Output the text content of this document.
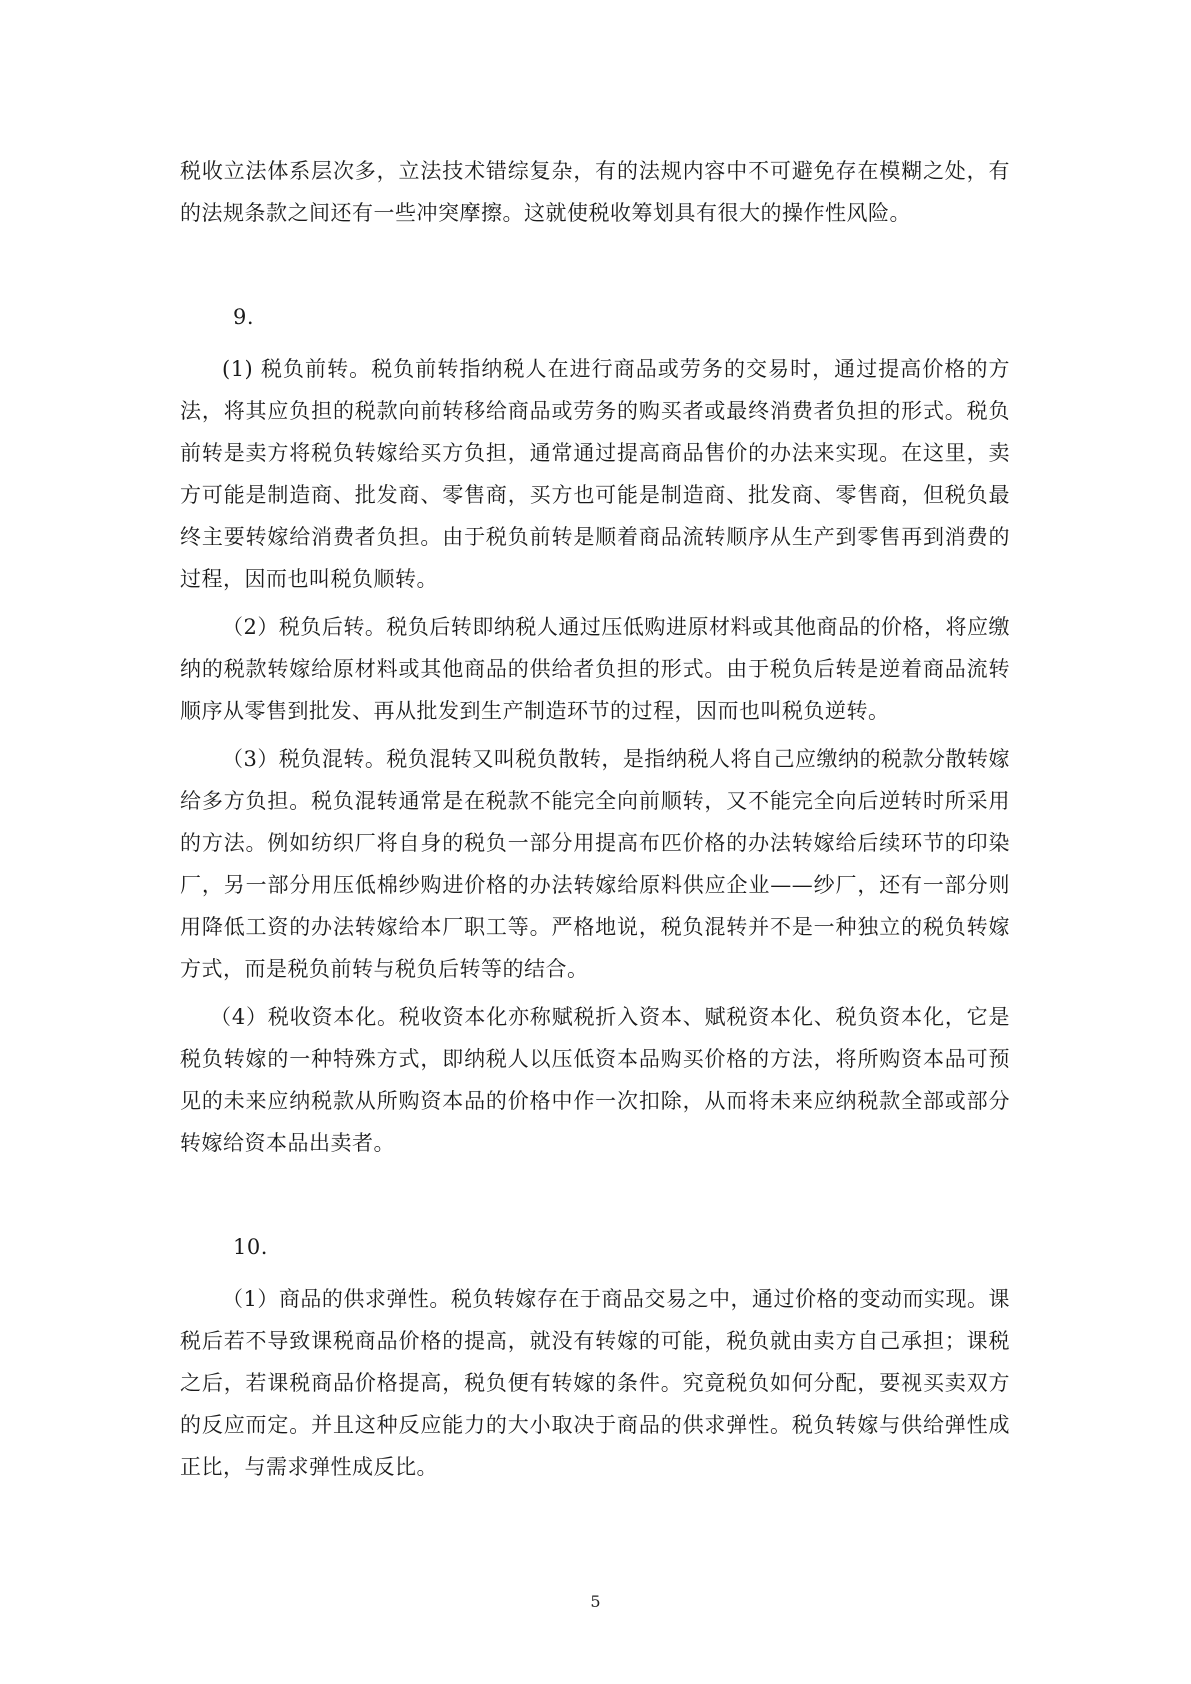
税收立法体系层次多，立法技术错综复杂，有的法规内容中不可避免存在模糊之处，有的法规条款之间还有一些冲突摩擦。这就使税收筹划具有很大的操作性风险。

9.

(1) 税负前转。税负前转指纳税人在进行商品或劳务的交易时，通过提高价格的方法，将其应负担的税款向前转移给商品或劳务的购买者或最终消费者负担的形式。税负前转是卖方将税负转嫁给买方负担，通常通过提高商品售价的办法来实现。在这里，卖方可能是制造商、批发商、零售商，买方也可能是制造商、批发商、零售商，但税负最终主要转嫁给消费者负担。由于税负前转是顺着商品流转顺序从生产到零售再到消费的过程，因而也叫税负顺转。

（2）税负后转。税负后转即纳税人通过压低购进原材料或其他商品的价格，将应缴纳的税款转嫁给原材料或其他商品的供给者负担的形式。由于税负后转是逆着商品流转顺序从零售到批发、再从批发到生产制造环节的过程，因而也叫税负逆转。

（3）税负混转。税负混转又叫税负散转，是指纳税人将自己应缴纳的税款分散转嫁给多方负担。税负混转通常是在税款不能完全向前顺转，又不能完全向后逆转时所采用的方法。例如纺织厂将自身的税负一部分用提高布匹价格的办法转嫁给后续环节的印染厂，另一部分用压低棉纱购进价格的办法转嫁给原料供应企业——纱厂，还有一部分则用降低工资的办法转嫁给本厂职工等。严格地说，税负混转并不是一种独立的税负转嫁方式，而是税负前转与税负后转等的结合。

（4）税收资本化。税收资本化亦称赋税折入资本、赋税资本化、税负资本化，它是税负转嫁的一种特殊方式，即纳税人以压低资本品购买价格的方法，将所购资本品可预见的未来应纳税款从所购资本品的价格中作一次扣除，从而将未来应纳税款全部或部分转嫁给资本品出卖者。

10.

（1）商品的供求弹性。税负转嫁存在于商品交易之中，通过价格的变动而实现。课税后若不导致课税商品价格的提高，就没有转嫁的可能，税负就由卖方自己承担；课税之后，若课税商品价格提高，税负便有转嫁的条件。究竟税负如何分配，要视买卖双方的反应而定。并且这种反应能力的大小取决于商品的供求弹性。税负转嫁与供给弹性成正比，与需求弹性成反比。

5
